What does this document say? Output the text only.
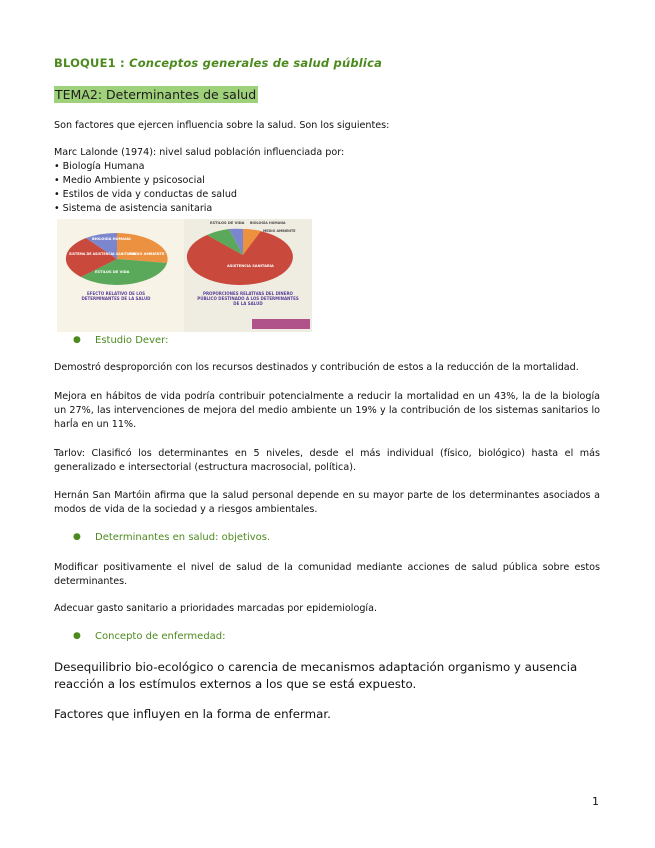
BLOQUE1 : Conceptos generales de salud pública
TEMA2: Determinantes de salud
Son factores que ejercen influencia sobre la salud. Son los siguientes:
Marc Lalonde (1974): nivel salud población influenciada por:
• Biología Humana
• Medio Ambiente y psicosocial
• Estilos de vida y conductas de salud
• Sistema de asistencia sanitaria
BIOLOGÍA HUMANA
MEDIO AMBIENTE
SISTEMA DE ASISTENCIA SANITARIA
ESTILOS DE VIDA
EFECTO RELATIVO DE LOS DETERMINANTES DE LA SALUD
ESTILOS DE VIDA BIOLOGÍA HUMANA
MEDIO AMBIENTE
ASISTENCIA SANITARIA
PROPORCIONES RELATIVAS DEL DINERO PÚBLICO DESTINADO A LOS DETERMINANTES DE LA SALUD
● Estudio Dever:
Demostró desproporción con los recursos destinados y contribución de estos a la reducción de la mortalidad.
Mejora en hábitos de vida podría contribuir potencialmente a reducir la mortalidad en un 43%, la de la biología un 27%, las intervenciones de mejora del medio ambiente un 19% y la contribución de los sistemas sanitarios lo harĺa en un 11%.
Tarlov: Clasificó los determinantes en 5 niveles, desde el más individual (físico, biológico) hasta el más generalizado e intersectorial (estructura macrosocial, política).
Hernán San Martóin afirma que la salud personal depende en su mayor parte de los determinantes asociados a modos de vida de la sociedad y a riesgos ambientales.
● Determinantes en salud: objetivos.
Modificar positivamente el nivel de salud de la comunidad mediante acciones de salud pública sobre estos determinantes.
Adecuar gasto sanitario a prioridades marcadas por epidemiología.
● Concepto de enfermedad:
Desequilibrio bio-ecológico o carencia de mecanismos adaptación organismo y ausencia reacción a los estímulos externos a los que se está expuesto.
Factores que influyen en la forma de enfermar.
1
